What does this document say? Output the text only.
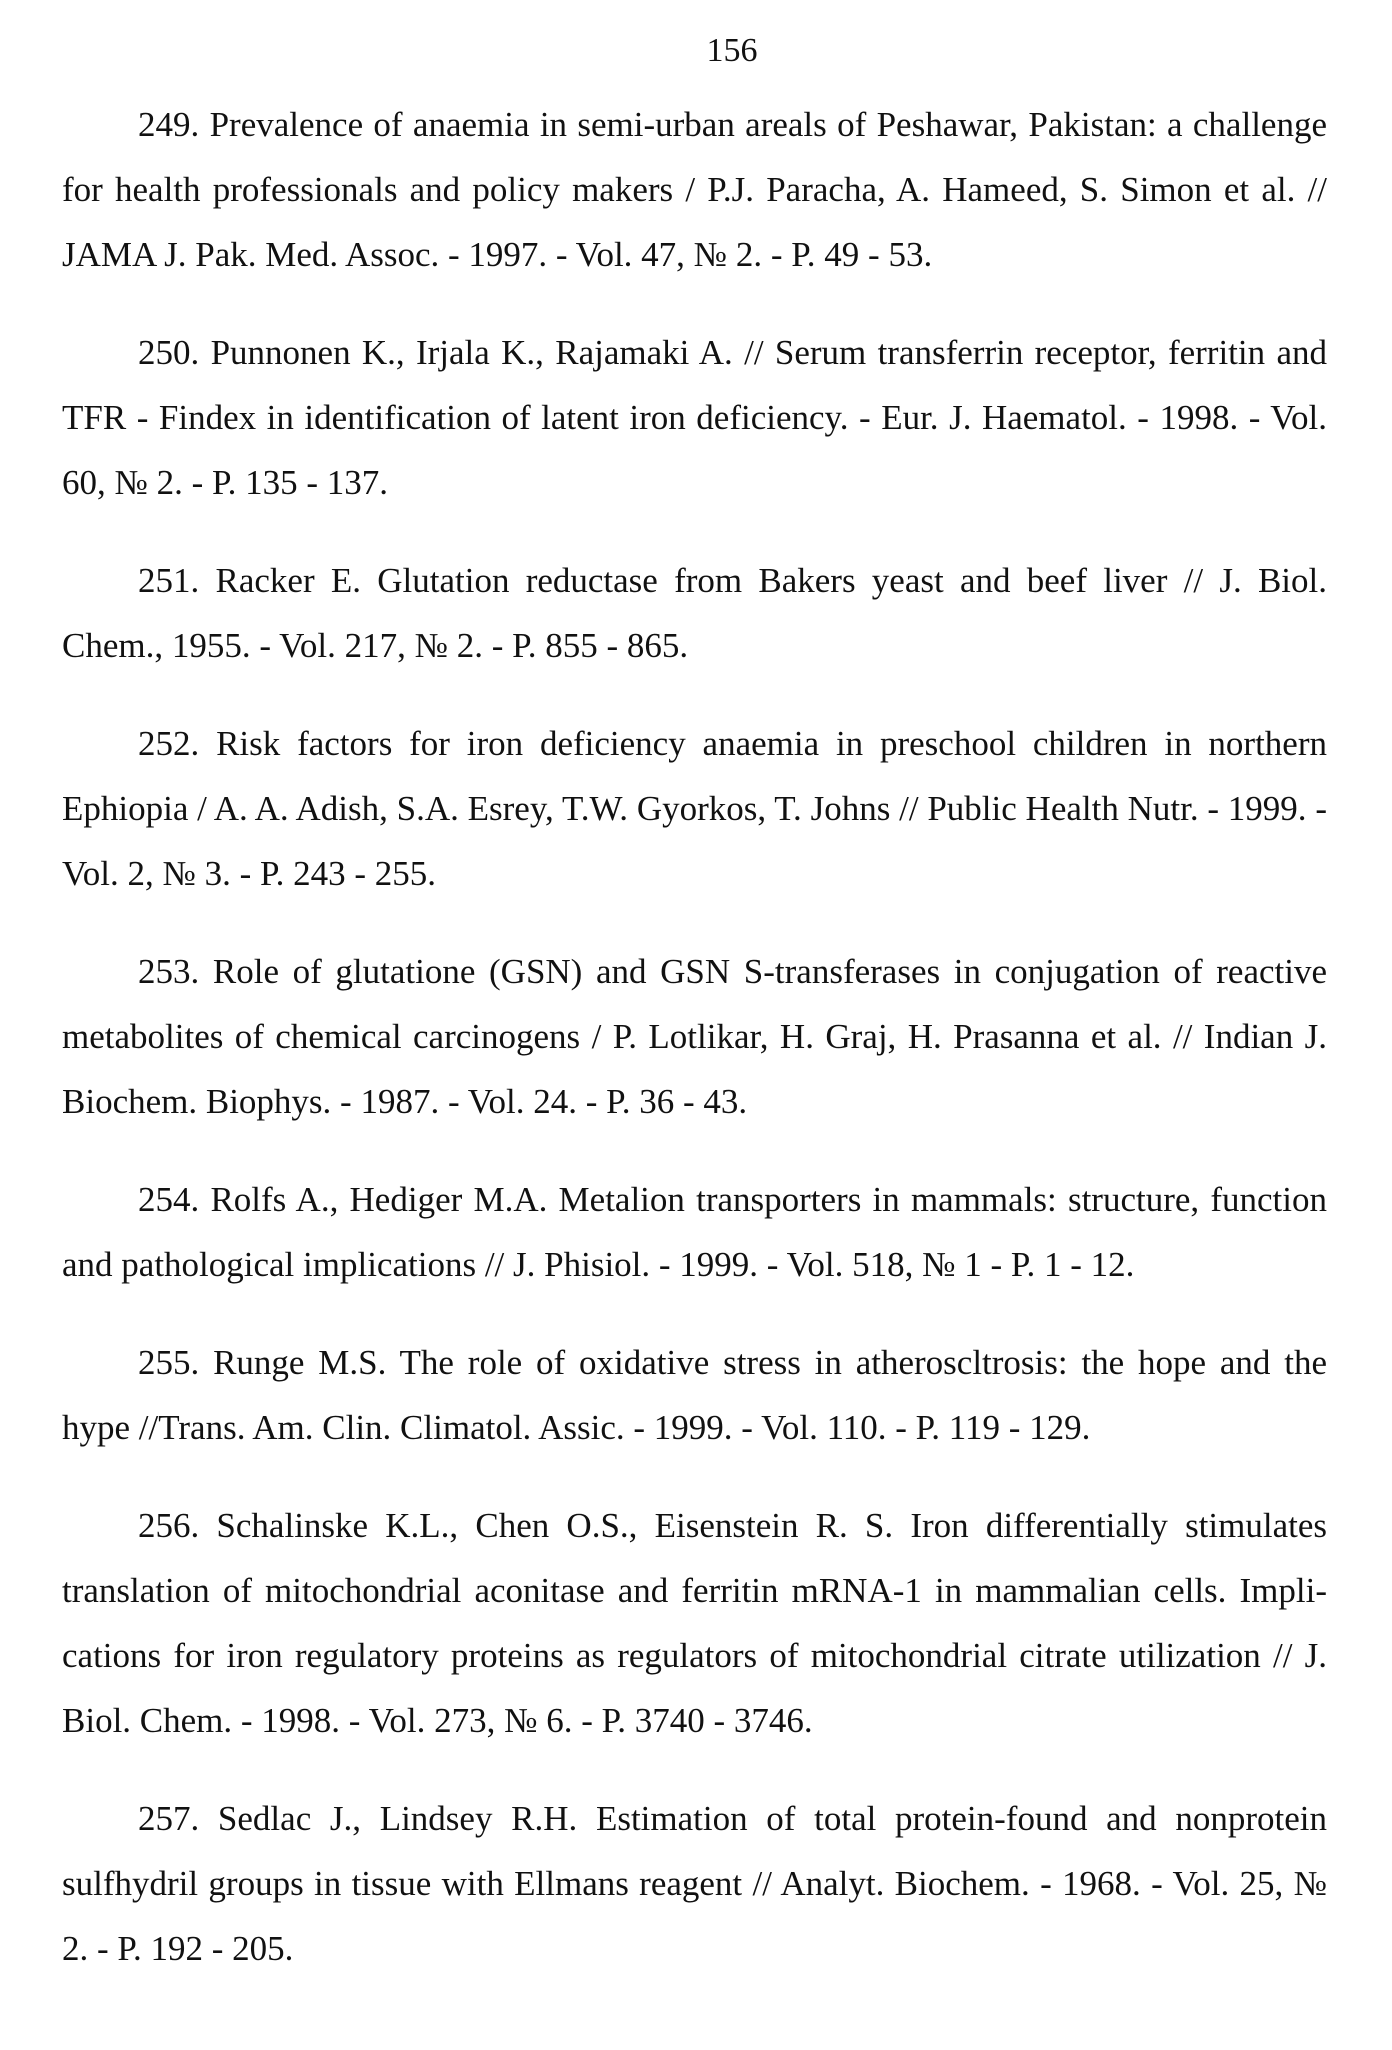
156

249. Prevalence of anaemia in semi-urban areals of Peshawar, Pakistan: a challenge for health professionals and policy makers / P.J. Paracha, A. Hameed, S. Simon et al. // JAMA J. Pak. Med. Assoc. - 1997. - Vol. 47, № 2. - P. 49 - 53.

250. Punnonen K., Irjala K., Rajamaki A. // Serum transferrin receptor, ferritin and TFR - Findex in identification of latent iron deficiency. - Eur. J. Haematol. - 1998. - Vol. 60, № 2. - P. 135 - 137.

251. Racker E. Glutation reductase from Bakers yeast and beef liver // J. Biol. Chem., 1955. - Vol. 217, № 2. - P. 855 - 865.

252. Risk factors for iron deficiency anaemia in preschool children in northern Ephiopia / A. A. Adish, S.A. Esrey, T.W. Gyorkos, T. Johns // Public Health Nutr. - 1999. - Vol. 2, № 3. - P. 243 - 255.

253. Role of glutatione (GSN) and GSN S-transferases in conjugation of reactive metabolites of chemical carcinogens / P. Lotlikar, H. Graj, H. Prasanna et al. // Indian J. Biochem. Biophys. - 1987. - Vol. 24. - P. 36 - 43.

254. Rolfs A., Hediger M.A. Metalion transporters in mammals: structure, function and pathological implications // J. Phisiol. - 1999. - Vol. 518, № 1 - P. 1 - 12.

255. Runge M.S. The role of oxidative stress in atheroscltrosis: the hope and the hype //Trans. Am. Clin. Climatol. Assic. - 1999. - Vol. 110. - P. 119 - 129.

256. Schalinske K.L., Chen O.S., Eisenstein R. S. Iron differentially stimulates translation of mitochondrial aconitase and ferritin mRNA-1 in mammalian cells. Implications for iron regulatory proteins as regulators of mitochondrial citrate utilization // J. Biol. Chem. - 1998. - Vol. 273, № 6. - P. 3740 - 3746.

257. Sedlac J., Lindsey R.H. Estimation of total protein-found and nonprotein sulfhydril groups in tissue with Ellmans reagent // Analyt. Biochem. - 1968. - Vol. 25, № 2. - P. 192 - 205.
